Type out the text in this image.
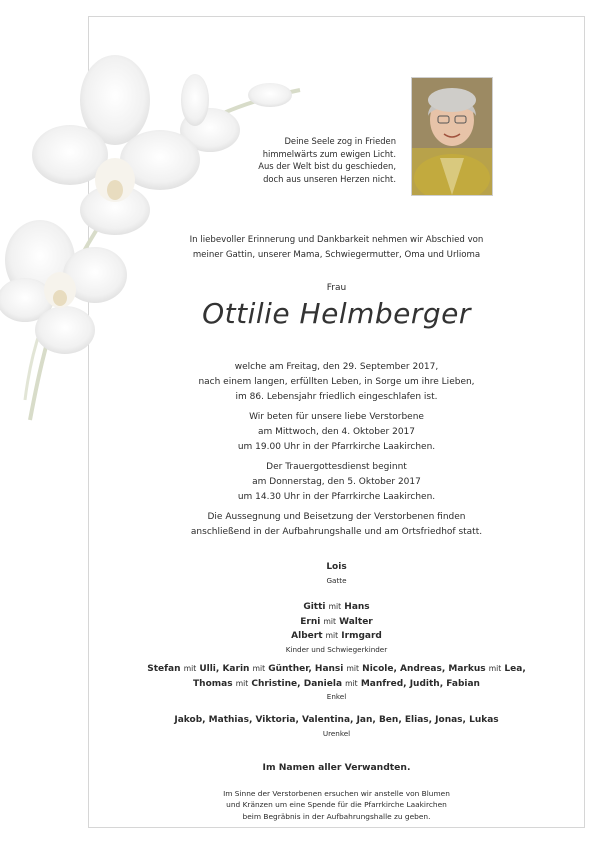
Deine Seele zog in Frieden
himmelwärts zum ewigen Licht.
Aus der Welt bist du geschieden,
doch aus unseren Herzen nicht.
In liebevoller Erinnerung und Dankbarkeit nehmen wir Abschied von
meiner Gattin, unserer Mama, Schwiegermutter, Oma und Urlioma
Frau
Ottilie Helmberger
welche am Freitag, den 29. September 2017,
nach einem langen, erfüllten Leben, in Sorge um ihre Lieben,
im 86. Lebensjahr friedlich eingeschlafen ist.
Wir beten für unsere liebe Verstorbene
am Mittwoch, den 4. Oktober 2017
um 19.00 Uhr in der Pfarrkirche Laakirchen.
Der Trauergottesdienst beginnt
am Donnerstag, den 5. Oktober 2017
um 14.30 Uhr in der Pfarrkirche Laakirchen.
Die Aussegnung und Beisetzung der Verstorbenen finden
anschließend in der Aufbahrungshalle und am Ortsfriedhof statt.
Lois
Gatte
Gitti mit Hans
Erni mit Walter
Albert mit Irmgard
Kinder und Schwiegerkinder
Stefan mit Ulli, Karin mit Günther, Hansi mit Nicole, Andreas, Markus mit Lea,
Thomas mit Christine, Daniela mit Manfred, Judith, Fabian
Enkel
Jakob, Mathias, Viktoria, Valentina, Jan, Ben, Elias, Jonas, Lukas
Urenkel
Im Namen aller Verwandten.
Im Sinne der Verstorbenen ersuchen wir anstelle von Blumen
und Kränzen um eine Spende für die Pfarrkirche Laakirchen
beim Begräbnis in der Aufbahrungshalle zu geben.
